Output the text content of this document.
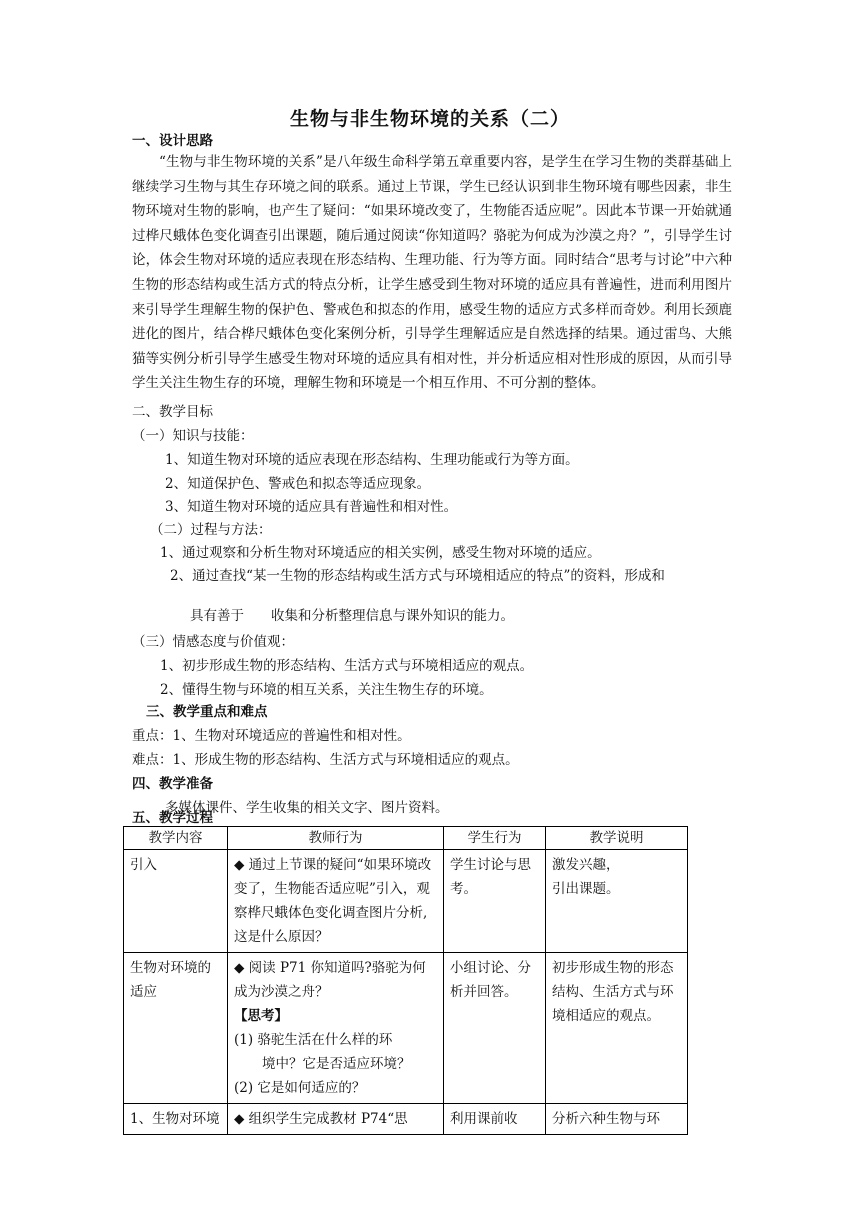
生物与非生物环境的关系（二）
一、设计思路

“生物与非生物环境的关系”是八年级生命科学第五章重要内容，是学生在学习生物的类群基础上继续学习生物与其生存环境之间的联系。通过上节课，学生已经认识到非生物环境有哪些因素，非生物环境对生物的影响，也产生了疑问：“如果环境改变了，生物能否适应呢”。因此本节课一开始就通过桦尺蛾体色变化调查引出课题，随后通过阅读“你知道吗？骆驼为何成为沙漠之舟？”，引导学生讨论，体会生物对环境的适应表现在形态结构、生理功能、行为等方面。同时结合“思考与讨论”中六种生物的形态结构或生活方式的特点分析，让学生感受到生物对环境的适应具有普遍性，进而利用图片来引导学生理解生物的保护色、警戒色和拟态的作用，感受生物的适应方式多样而奇妙。利用长颈鹿进化的图片，结合桦尺蛾体色变化案例分析，引导学生理解适应是自然选择的结果。通过雷鸟、大熊猫等实例分析引导学生感受生物对环境的适应具有相对性，并分析适应相对性形成的原因，从而引导学生关注生物生存的环境，理解生物和环境是一个相互作用、不可分割的整体。

二、教学目标
（一）知识与技能：
1、知道生物对环境的适应表现在形态结构、生理功能或行为等方面。
2、知道保护色、警戒色和拟态等适应现象。
3、知道生物对环境的适应具有普遍性和相对性。
（二）过程与方法：
1、通过观察和分析生物对环境适应的相关实例，感受生物对环境的适应。
2、通过查找“某一生物的形态结构或生活方式与环境相适应的特点”的资料，形成和
具有善于　　收集和分析整理信息与课外知识的能力。
（三）情感态度与价值观：
1、初步形成生物的形态结构、生活方式与环境相适应的观点。
2、懂得生物与环境的相互关系，关注生物生存的环境。
三、教学重点和难点
重点：1、生物对环境适应的普遍性和相对性。
难点：1、形成生物的形态结构、生活方式与环境相适应的观点。
四、教学准备
多媒体课件、学生收集的相关文字、图片资料。
五、教学过程
教学内容	教师行为	学生行为	教学说明
引入	◆ 通过上节课的疑问“如果环境改变了，生物能否适应呢”引入，观察桦尺蛾体色变化调查图片分析,这是什么原因？	学生讨论与思考。	激发兴趣，
引出课题。

生物对环境的适应	◆ 阅读 P71 你知道吗?骆驼为何成为沙漠之舟？
【思考】
(1) 骆驼生活在什么样的环
境中？它是否适应环境？
(2) 它是如何适应的？	小组讨论、分析并回答。	初步形成生物的形态结构、生活方式与环境相适应的观点。
1、生物对环境	◆ 组织学生完成教材 P74“思	利用课前收	分析六种生物与环
